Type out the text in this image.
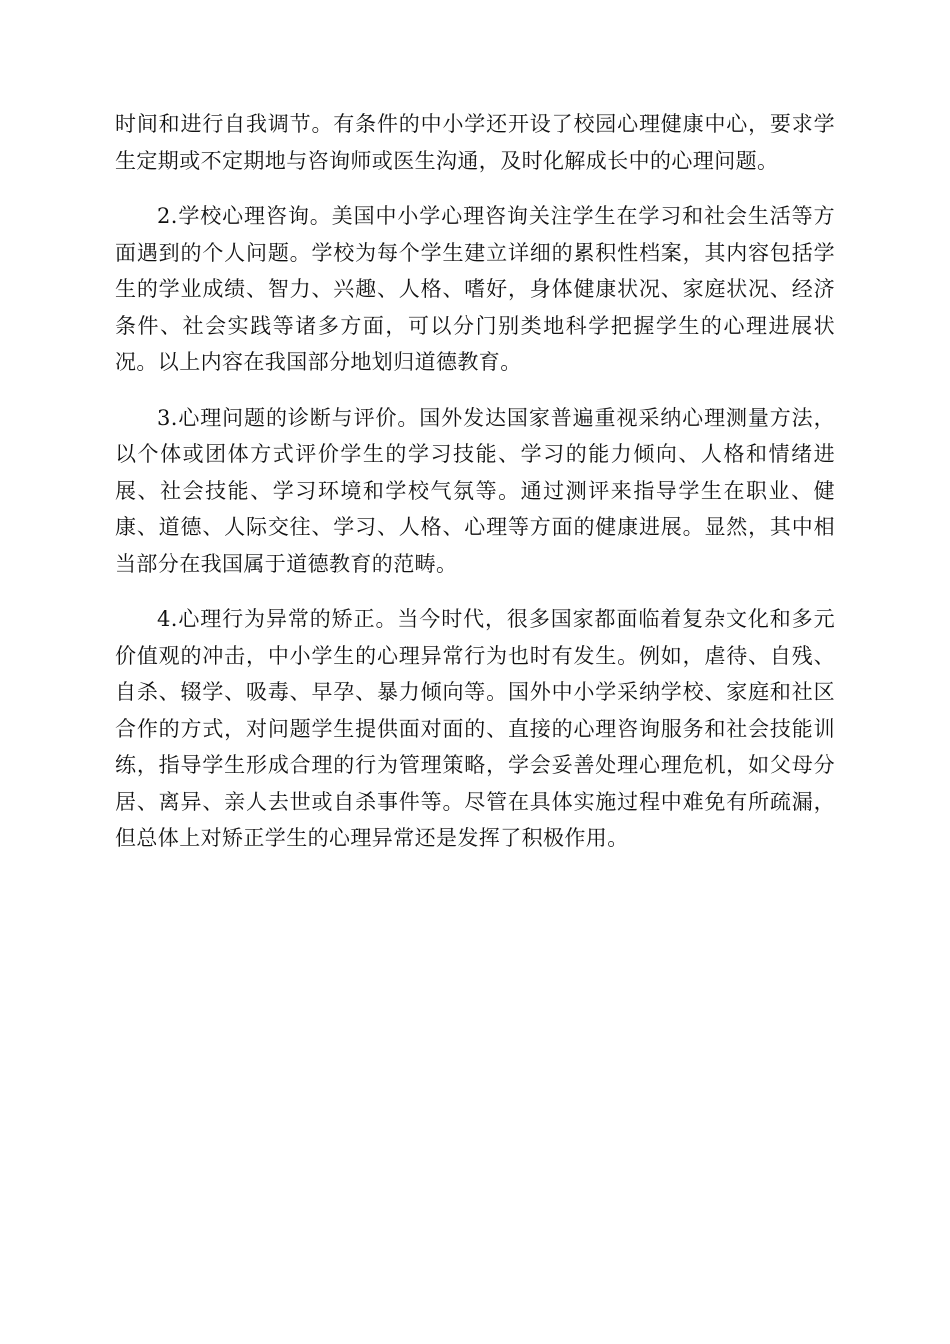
时间和进行自我调节。有条件的中小学还开设了校园心理健康中心，要求学生定期或不定期地与咨询师或医生沟通，及时化解成长中的心理问题。

2.学校心理咨询。美国中小学心理咨询关注学生在学习和社会生活等方面遇到的个人问题。学校为每个学生建立详细的累积性档案，其内容包括学生的学业成绩、智力、兴趣、人格、嗜好，身体健康状况、家庭状况、经济条件、社会实践等诸多方面，可以分门别类地科学把握学生的心理进展状况。以上内容在我国部分地划归道德教育。

3.心理问题的诊断与评价。国外发达国家普遍重视采纳心理测量方法，以个体或团体方式评价学生的学习技能、学习的能力倾向、人格和情绪进展、社会技能、学习环境和学校气氛等。通过测评来指导学生在职业、健康、道德、人际交往、学习、人格、心理等方面的健康进展。显然，其中相当部分在我国属于道德教育的范畴。

4.心理行为异常的矫正。当今时代，很多国家都面临着复杂文化和多元价值观的冲击，中小学生的心理异常行为也时有发生。例如，虐待、自残、自杀、辍学、吸毒、早孕、暴力倾向等。国外中小学采纳学校、家庭和社区合作的方式，对问题学生提供面对面的、直接的心理咨询服务和社会技能训练，指导学生形成合理的行为管理策略，学会妥善处理心理危机，如父母分居、离异、亲人去世或自杀事件等。尽管在具体实施过程中难免有所疏漏，但总体上对矫正学生的心理异常还是发挥了积极作用。
